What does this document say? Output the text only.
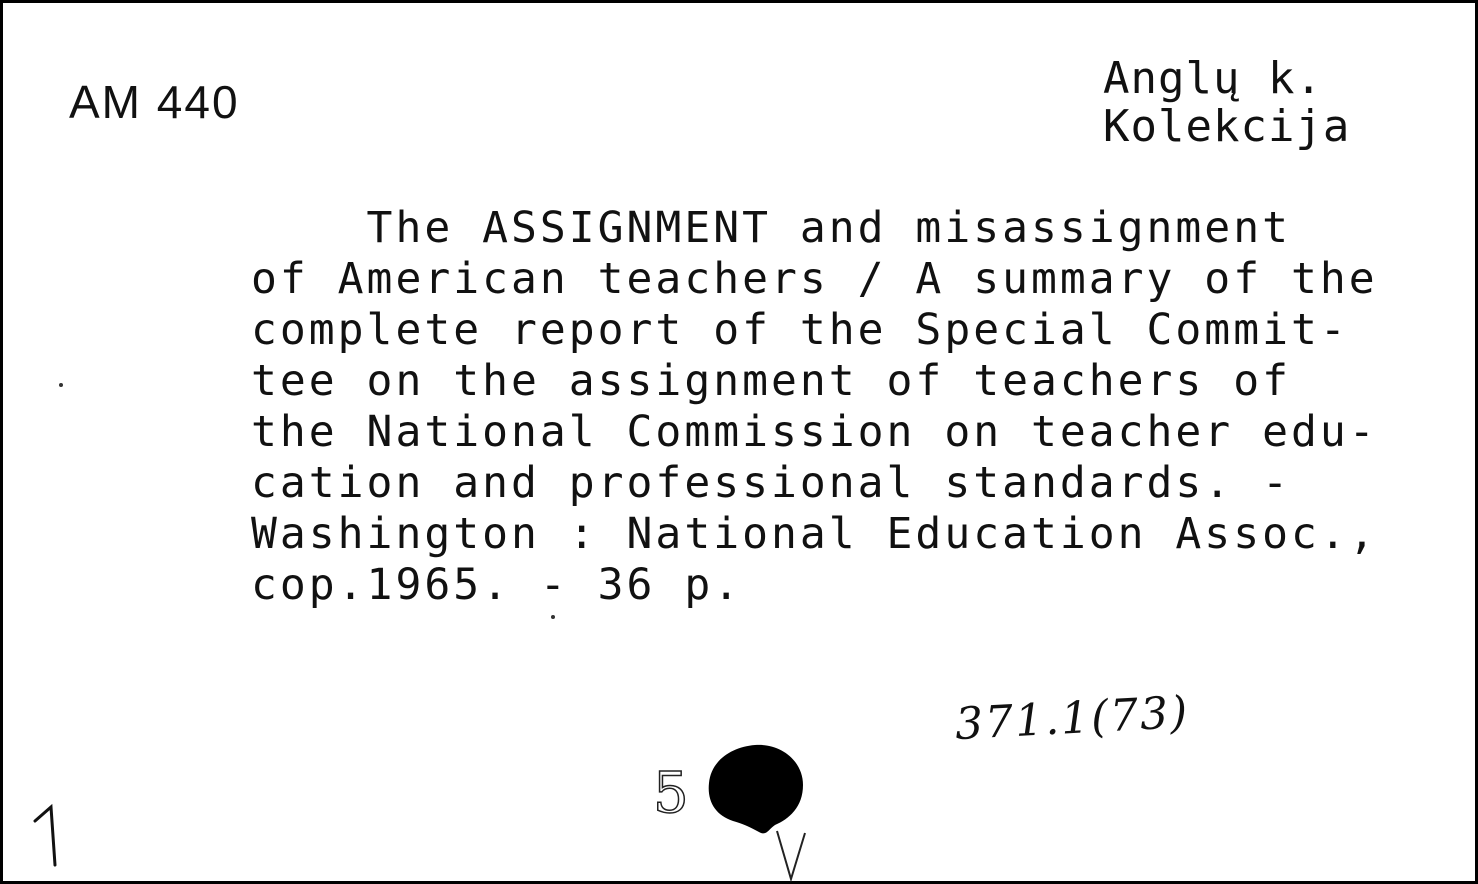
AM 440	Anglų k.
Kolekcija
The ASSIGNMENT and misassignment
of American teachers / A summary of the
complete report of the Special Commit-
tee on the assignment of teachers of
the National Commission on teacher edu-
cation and professional standards. -
Washington : National Education Assoc.,
cop.1965. - 36 p.
371.1(73)
5
